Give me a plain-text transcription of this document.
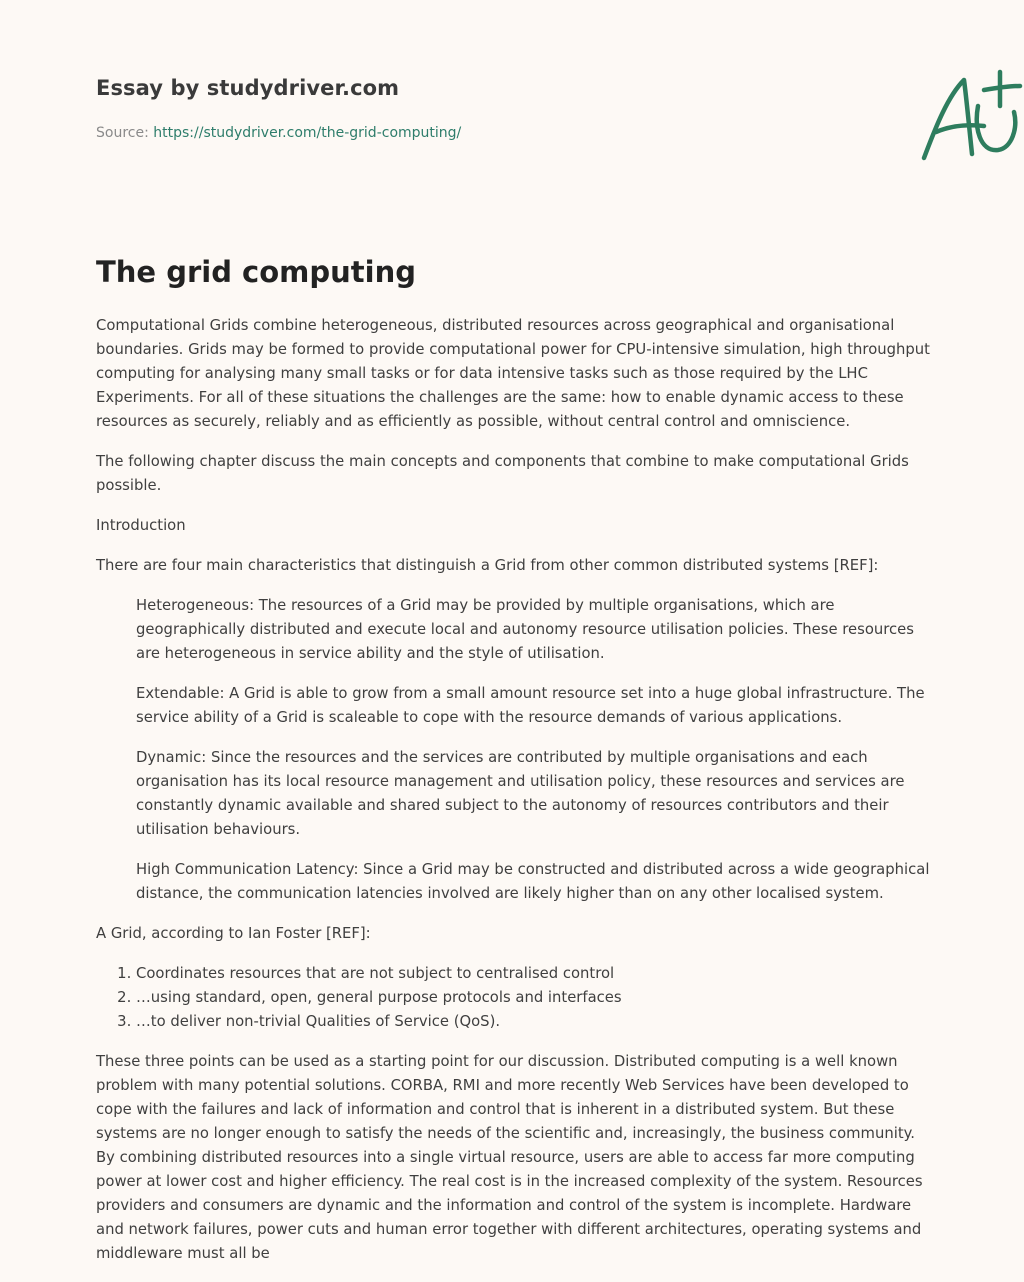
Essay by studydriver.com
Source: https://studydriver.com/the-grid-computing/
The grid computing

Computational Grids combine heterogeneous, distributed resources across geographical and organisational boundaries. Grids may be formed to provide computational power for CPU-intensive simulation, high throughput computing for analysing many small tasks or for data intensive tasks such as those required by the LHC Experiments. For all of these situations the challenges are the same: how to enable dynamic access to these resources as securely, reliably and as efficiently as possible, without central control and omniscience.

The following chapter discuss the main concepts and components that combine to make computational Grids possible.

Introduction

There are four main characteristics that distinguish a Grid from other common distributed systems [REF]:

Heterogeneous: The resources of a Grid may be provided by multiple organisations, which are geographically distributed and execute local and autonomy resource utilisation policies. These resources are heterogeneous in service ability and the style of utilisation.

Extendable: A Grid is able to grow from a small amount resource set into a huge global infrastructure. The service ability of a Grid is scaleable to cope with the resource demands of various applications.

Dynamic: Since the resources and the services are contributed by multiple organisations and each organisation has its local resource management and utilisation policy, these resources and services are constantly dynamic available and shared subject to the autonomy of resources contributors and their utilisation behaviours.

High Communication Latency: Since a Grid may be constructed and distributed across a wide geographical distance, the communication latencies involved are likely higher than on any other localised system.

A Grid, according to Ian Foster [REF]:

1. Coordinates resources that are not subject to centralised control
2. …using standard, open, general purpose protocols and interfaces
3. …to deliver non-trivial Qualities of Service (QoS).

These three points can be used as a starting point for our discussion. Distributed computing is a well known problem with many potential solutions. CORBA, RMI and more recently Web Services have been developed to cope with the failures and lack of information and control that is inherent in a distributed system. But these systems are no longer enough to satisfy the needs of the scientific and, increasingly, the business community. By combining distributed resources into a single virtual resource, users are able to access far more computing power at lower cost and higher efficiency. The real cost is in the increased complexity of the system. Resources providers and consumers are dynamic and the information and control of the system is incomplete. Hardware and network failures, power cuts and human error together with different architectures, operating systems and middleware must all be
